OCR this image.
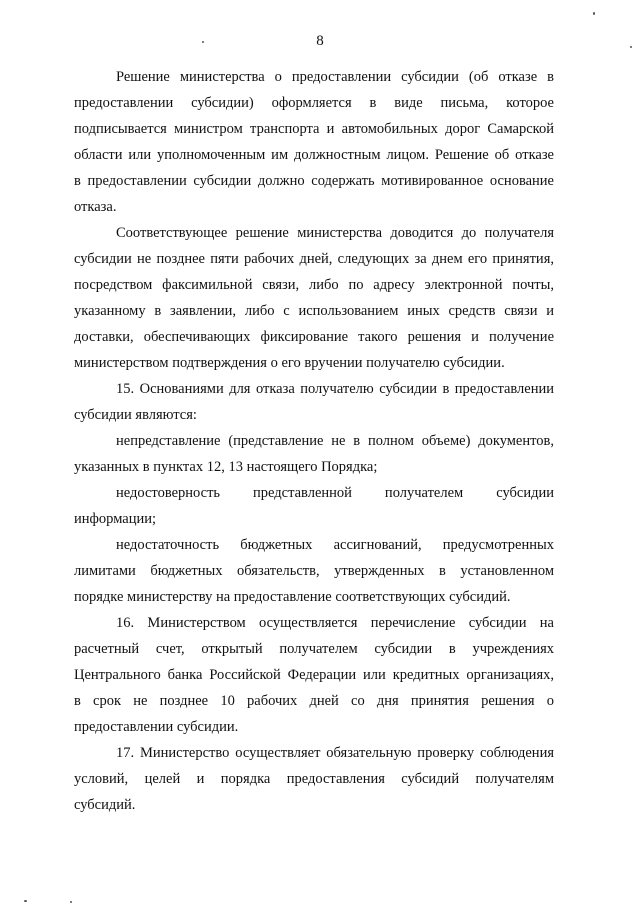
8
Решение министерства о предоставлении субсидии (об отказе в
предоставлении субсидии) оформляется в виде письма, которое
подписывается министром транспорта и автомобильных дорог Самарской
области или уполномоченным им должностным лицом. Решение об отказе
в предоставлении субсидии должно содержать мотивированное основание
отказа.
Соответствующее решение министерства доводится до получателя
субсидии не позднее пяти рабочих дней, следующих за днем его принятия,
посредством факсимильной связи, либо по адресу электронной почты,
указанному в заявлении, либо с использованием иных средств связи и
доставки, обеспечивающих фиксирование такого решения и получение
министерством подтверждения о его вручении получателю субсидии.
15. Основаниями для отказа получателю субсидии в предоставлении
субсидии являются:
непредставление (представление не в полном объеме) документов,
указанных в пунктах 12, 13 настоящего Порядка;
недостоверность представленной получателем субсидии
информации;
недостаточность бюджетных ассигнований, предусмотренных
лимитами бюджетных обязательств, утвержденных в установленном
порядке министерству на предоставление соответствующих субсидий.
16. Министерством осуществляется перечисление субсидии на
расчетный счет, открытый получателем субсидии в учреждениях
Центрального банка Российской Федерации или кредитных организациях,
в срок не позднее 10 рабочих дней со дня принятия решения о
предоставлении субсидии.
17. Министерство осуществляет обязательную проверку соблюдения
условий, целей и порядка предоставления субсидий получателям
субсидий.
